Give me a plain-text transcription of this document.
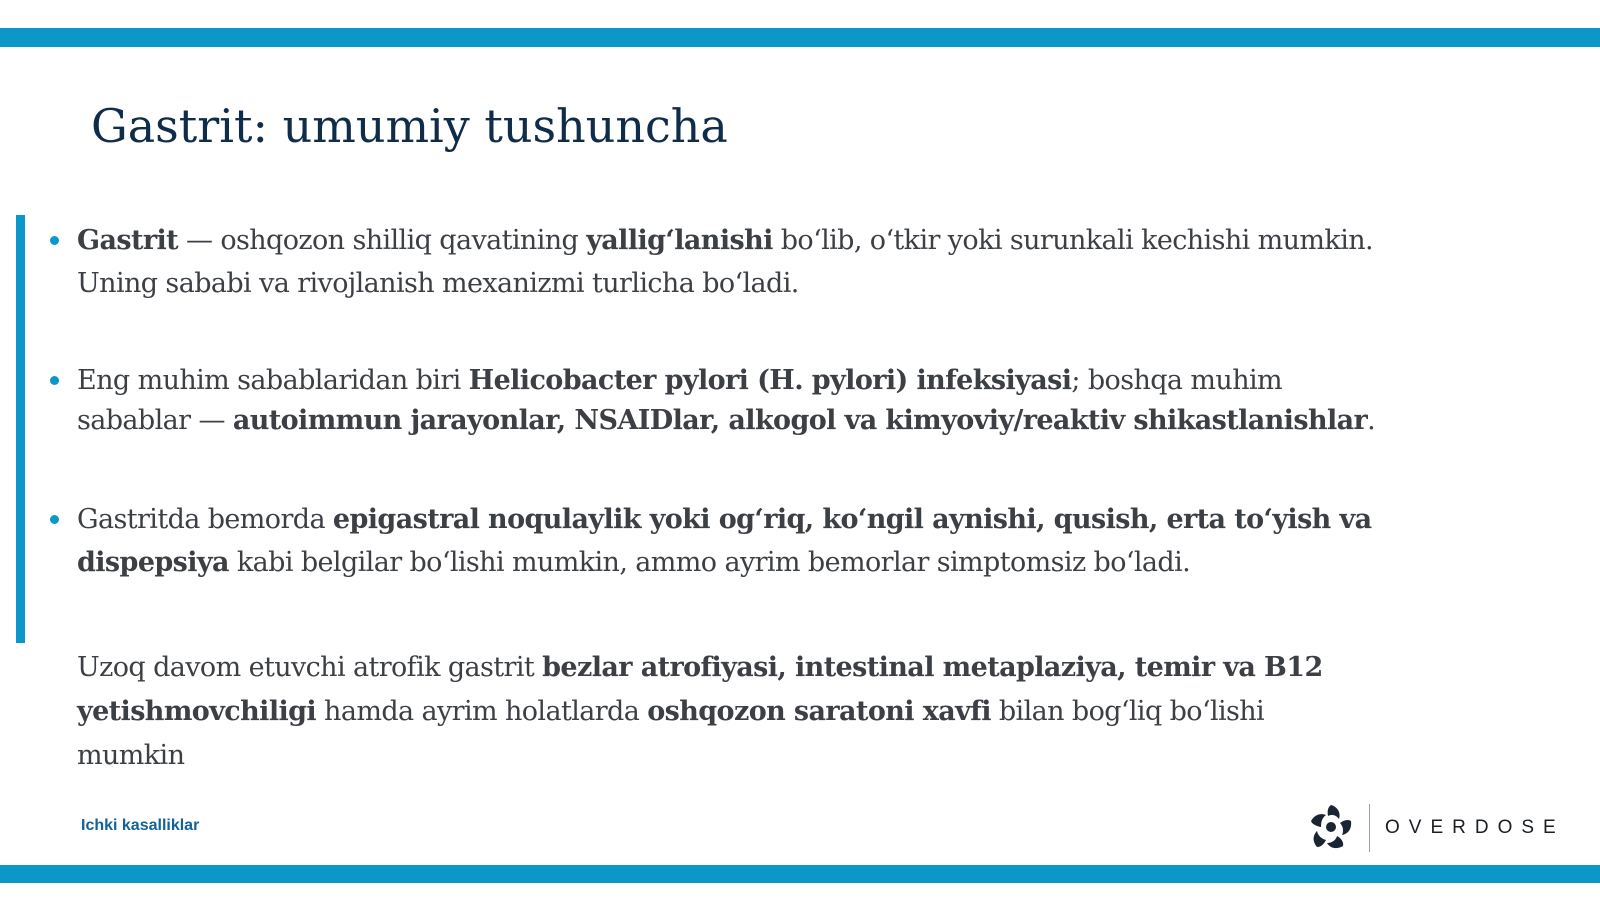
Gastrit: umumiy tushuncha
Gastrit — oshqozon shilliq qavatining yallig‘lanishi bo‘lib, o‘tkir yoki surunkali kechishi mumkin. Uning sababi va rivojlanish mexanizmi turlicha bo‘ladi.
Eng muhim sabablaridan biri Helicobacter pylori (H. pylori) infeksiyasi; boshqa muhim sabablar — autoimmun jarayonlar, NSAIDlar, alkogol va kimyoviy/reaktiv shikastlanishlar.
Gastritda bemorda epigastral noqulaylik yoki og‘riq, ko‘ngil aynishi, qusish, erta to‘yish va dispepsiya kabi belgilar bo‘lishi mumkin, ammo ayrim bemorlar simptomsiz bo‘ladi.
Uzoq davom etuvchi atrofik gastrit bezlar atrofiyasi, intestinal metaplaziya, temir va B12 yetishmovchiligi hamda ayrim holatlarda oshqozon saratoni xavfi bilan bog‘liq bo‘lishi mumkin
Ichki kasalliklar	OVERDOSE
